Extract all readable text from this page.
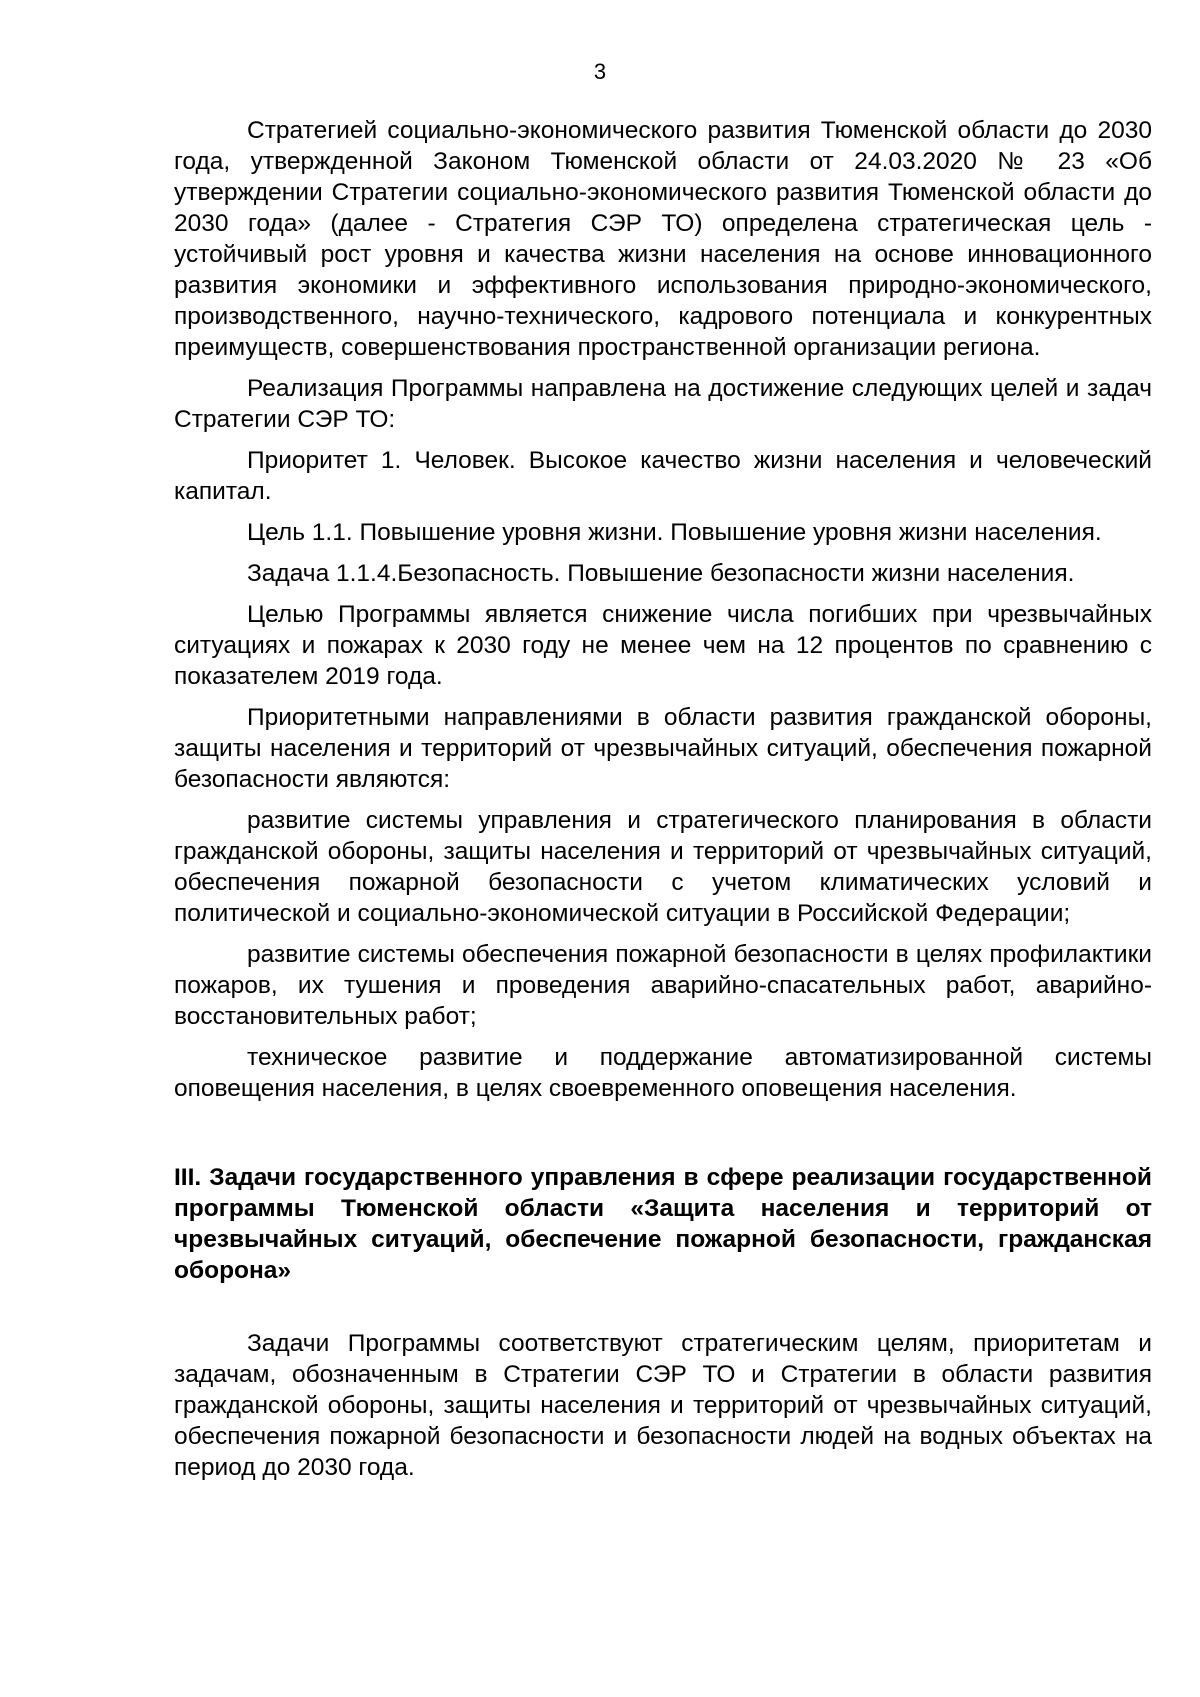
3

Стратегией социально-экономического развития Тюменской области до 2030 года, утвержденной Законом Тюменской области от 24.03.2020 № 23 «Об утверждении Стратегии социально-экономического развития Тюменской области до 2030 года» (далее - Стратегия СЭР ТО) определена стратегическая цель - устойчивый рост уровня и качества жизни населения на основе инновационного развития экономики и эффективного использования природно-экономического, производственного, научно-технического, кадрового потенциала и конкурентных преимуществ, совершенствования пространственной организации региона.

Реализация Программы направлена на достижение следующих целей и задач Стратегии СЭР ТО:

Приоритет 1. Человек. Высокое качество жизни населения и человеческий капитал.

Цель 1.1. Повышение уровня жизни. Повышение уровня жизни населения.

Задача 1.1.4.Безопасность. Повышение безопасности жизни населения.

Целью Программы является снижение числа погибших при чрезвычайных ситуациях и пожарах к 2030 году не менее чем на 12 процентов по сравнению с показателем 2019 года.

Приоритетными направлениями в области развития гражданской обороны, защиты населения и территорий от чрезвычайных ситуаций, обеспечения пожарной безопасности являются:

развитие системы управления и стратегического планирования в области гражданской обороны, защиты населения и территорий от чрезвычайных ситуаций, обеспечения пожарной безопасности с учетом климатических условий и политической и социально-экономической ситуации в Российской Федерации;

развитие системы обеспечения пожарной безопасности в целях профилактики пожаров, их тушения и проведения аварийно-спасательных работ, аварийно-восстановительных работ;

техническое развитие и поддержание автоматизированной системы оповещения населения, в целях своевременного оповещения населения.

III. Задачи государственного управления в сфере реализации государственной программы Тюменской области «Защита населения и территорий от чрезвычайных ситуаций, обеспечение пожарной безопасности, гражданская оборона»

Задачи Программы соответствуют стратегическим целям, приоритетам и задачам, обозначенным в Стратегии СЭР ТО и Стратегии в области развития гражданской обороны, защиты населения и территорий от чрезвычайных ситуаций, обеспечения пожарной безопасности и безопасности людей на водных объектах на период до 2030 года.
